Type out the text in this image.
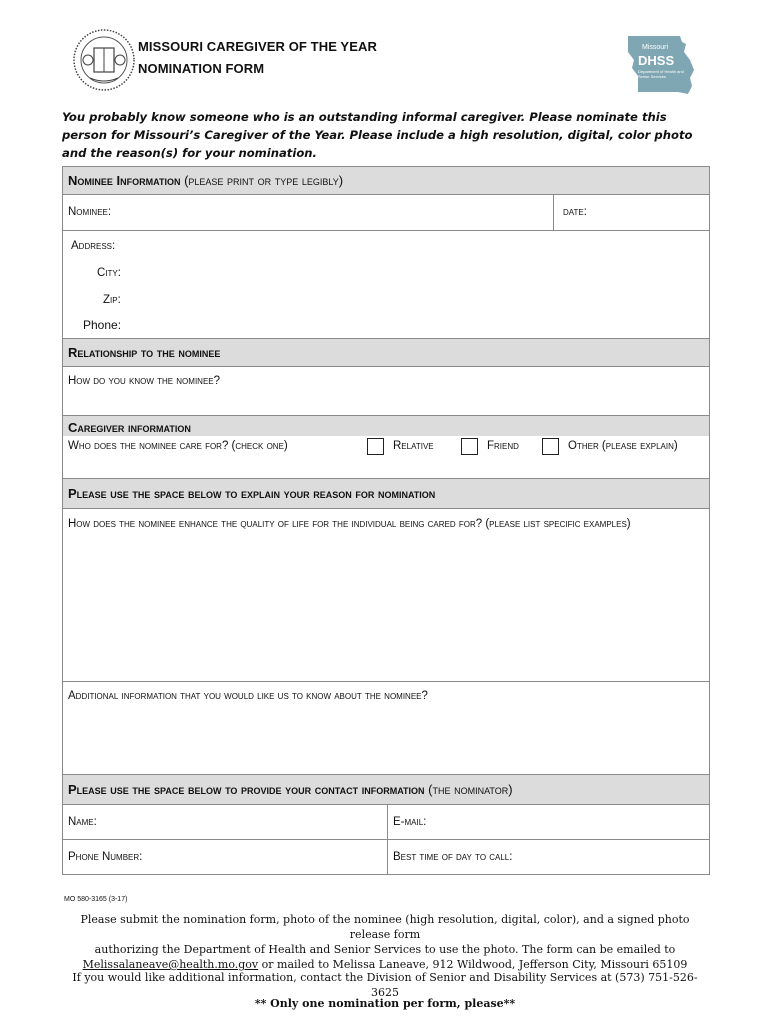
MISSOURI CAREGIVER OF THE YEAR
NOMINATION FORM
Missouri
DHSS
Department of Health and Senior Services
You probably know someone who is an outstanding informal caregiver. Please nominate this person for Missouri’s Caregiver of the Year. Please include a high resolution, digital, color photo and the reason(s) for your nomination.
Nominee Information (please print or type legibly)
Nominee:	date:
Address:
City:
Zip:
Phone:
Relationship to the nominee
How do you know the nominee?
Caregiver information
Who does the nominee care for? (check one)	Relative	Friend	Other (please explain)
Please use the space below to explain your reason for nomination
How does the nominee enhance the quality of life for the individual being cared for? (please list specific examples)
Additional information that you would like us to know about the nominee?
Please use the space below to provide your contact information (the nominator)
Name:	E-mail:
Phone Number:	Best time of day to call:
MO 580-3165 (3-17)
Please submit the nomination form, photo of the nominee (high resolution, digital, color), and a signed photo release form
authorizing the Department of Health and Senior Services to use the photo. The form can be emailed to
Melissalaneave@health.mo.gov or mailed to Melissa Laneave, 912 Wildwood, Jefferson City, Missouri 65109
If you would like additional information, contact the Division of Senior and Disability Services at (573) 751-526-3625
** Only one nomination per form, please**
